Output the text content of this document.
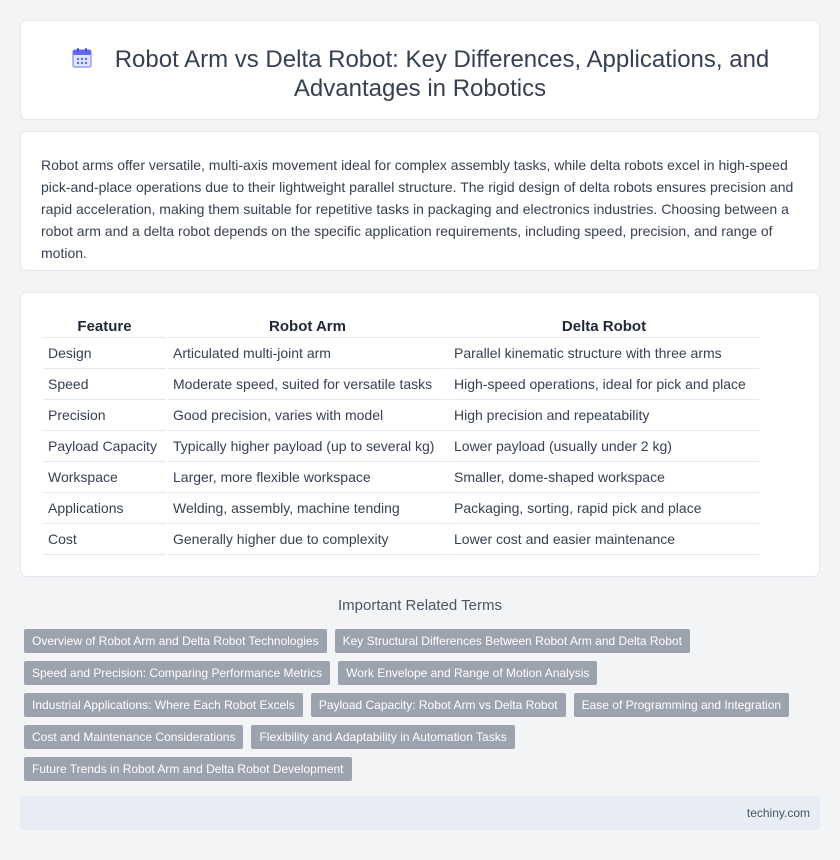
Robot Arm vs Delta Robot: Key Differences, Applications, and Advantages in Robotics

Robot arms offer versatile, multi-axis movement ideal for complex assembly tasks, while delta robots excel in high-speed pick-and-place operations due to their lightweight parallel structure. The rigid design of delta robots ensures precision and rapid acceleration, making them suitable for repetitive tasks in packaging and electronics industries. Choosing between a robot arm and a delta robot depends on the specific application requirements, including speed, precision, and range of motion.

Feature		Robot Arm		Delta Robot
Design		Articulated multi-joint arm		Parallel kinematic structure with three arms
Speed		Moderate speed, suited for versatile tasks		High-speed operations, ideal for pick and place
Precision		Good precision, varies with model		High precision and repeatability
Payload Capacity		Typically higher payload (up to several kg)		Lower payload (usually under 2 kg)
Workspace		Larger, more flexible workspace		Smaller, dome-shaped workspace
Applications		Welding, assembly, machine tending		Packaging, sorting, rapid pick and place
Cost		Generally higher due to complexity		Lower cost and easier maintenance
Important Related Terms
Overview of Robot Arm and Delta Robot Technologies	Key Structural Differences Between Robot Arm and Delta Robot
Speed and Precision: Comparing Performance Metrics	Work Envelope and Range of Motion Analysis
Industrial Applications: Where Each Robot Excels	Payload Capacity: Robot Arm vs Delta Robot	Ease of Programming and Integration
Cost and Maintenance Considerations	Flexibility and Adaptability in Automation Tasks
Future Trends in Robot Arm and Delta Robot Development
techiny.com
